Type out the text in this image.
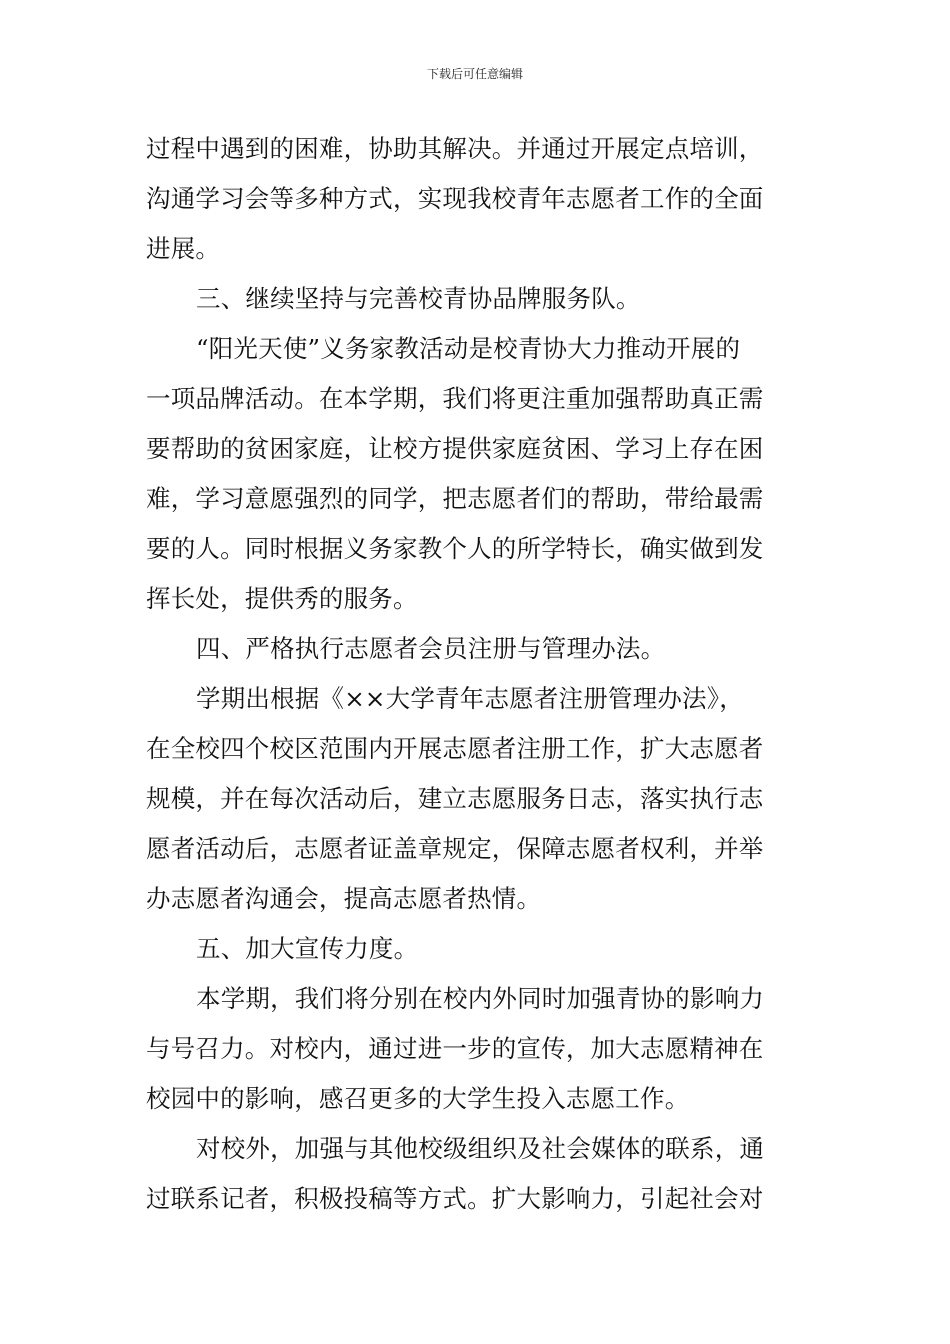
下载后可任意编辑
过程中遇到的困难，协助其解决。并通过开展定点培训，
沟通学习会等多种方式，实现我校青年志愿者工作的全面
进展。
三、继续坚持与完善校青协品牌服务队。
“阳光天使”义务家教活动是校青协大力推动开展的
一项品牌活动。在本学期，我们将更注重加强帮助真正需
要帮助的贫困家庭，让校方提供家庭贫困、学习上存在困
难，学习意愿强烈的同学，把志愿者们的帮助，带给最需
要的人。同时根据义务家教个人的所学特长，确实做到发
挥长处，提供秀的服务。
四、严格执行志愿者会员注册与管理办法。
学期出根据《××大学青年志愿者注册管理办法》，
在全校四个校区范围内开展志愿者注册工作，扩大志愿者
规模，并在每次活动后，建立志愿服务日志，落实执行志
愿者活动后，志愿者证盖章规定，保障志愿者权利，并举
办志愿者沟通会，提高志愿者热情。
五、加大宣传力度。
本学期，我们将分别在校内外同时加强青协的影响力
与号召力。对校内，通过进一步的宣传，加大志愿精神在
校园中的影响，感召更多的大学生投入志愿工作。
对校外，加强与其他校级组织及社会媒体的联系，通
过联系记者，积极投稿等方式。扩大影响力，引起社会对
